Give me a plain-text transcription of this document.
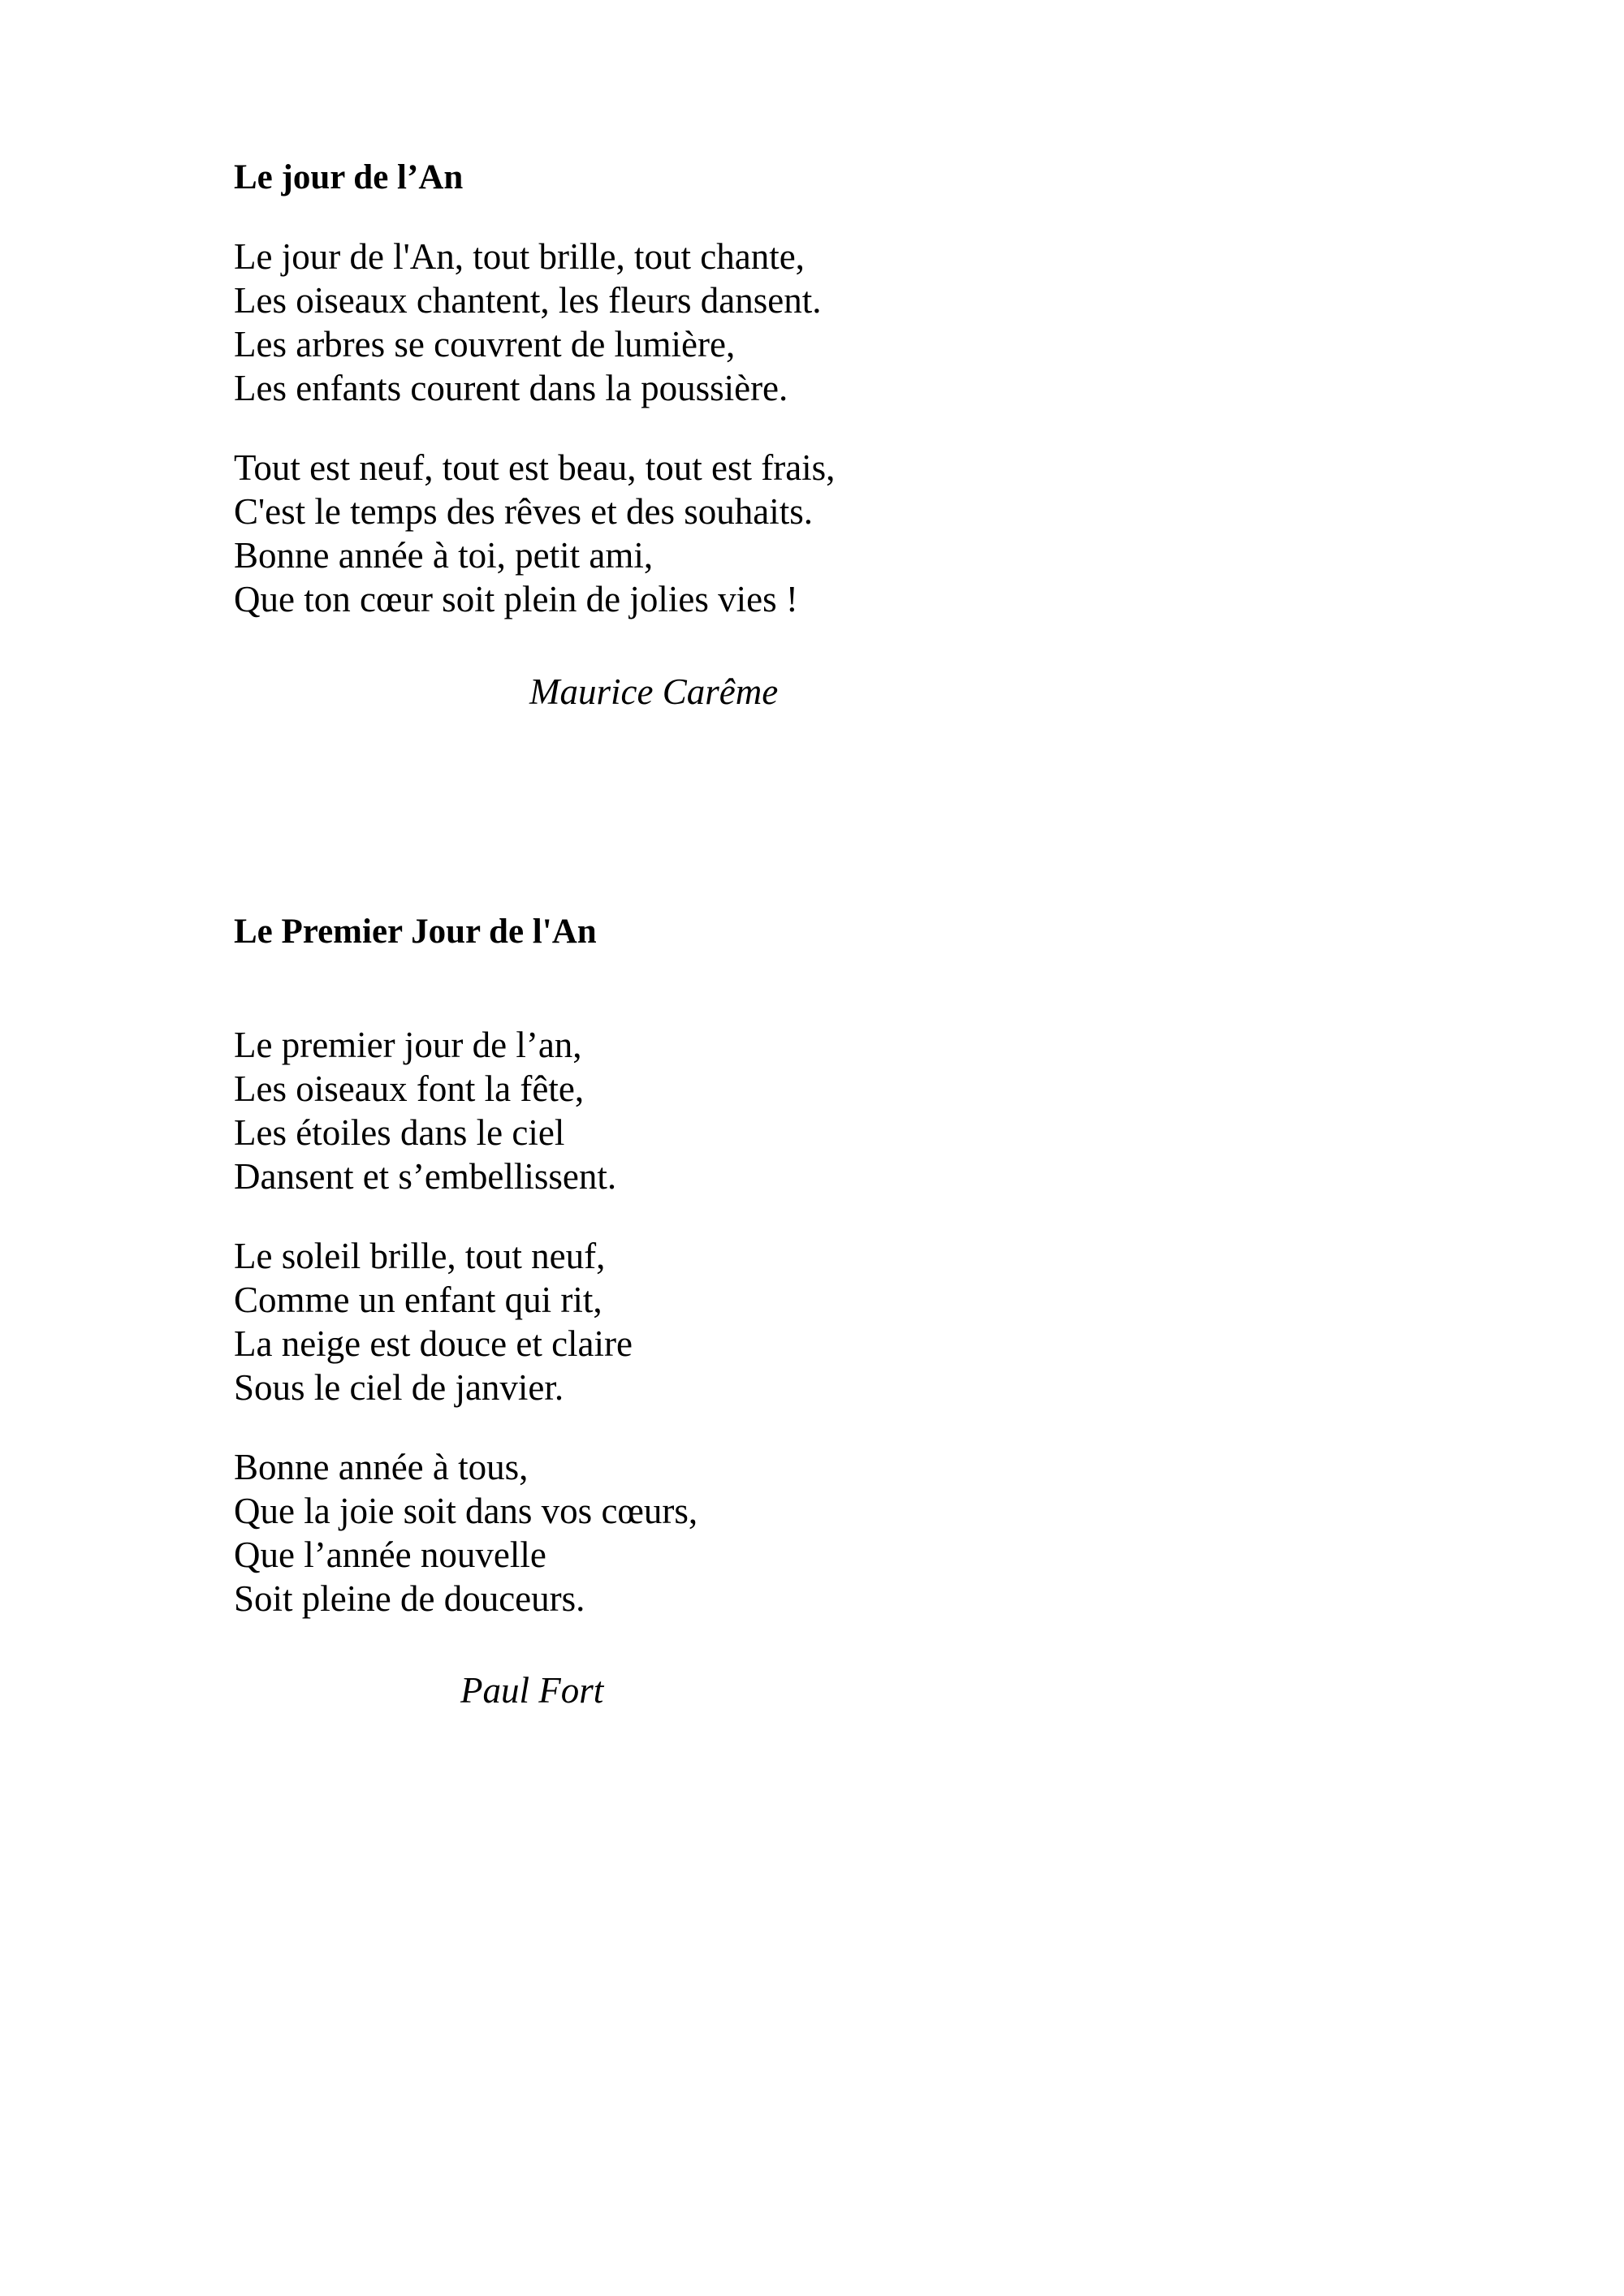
Le jour de l’An

Le jour de l'An, tout brille, tout chante,
Les oiseaux chantent, les fleurs dansent.
Les arbres se couvrent de lumière,
Les enfants courent dans la poussière.

Tout est neuf, tout est beau, tout est frais,
C'est le temps des rêves et des souhaits.
Bonne année à toi, petit ami,
Que ton cœur soit plein de jolies vies !

Maurice Carême
Le Premier Jour de l'An

Le premier jour de l’an,
Les oiseaux font la fête,
Les étoiles dans le ciel
Dansent et s’embellissent.

Le soleil brille, tout neuf,
Comme un enfant qui rit,
La neige est douce et claire
Sous le ciel de janvier.

Bonne année à tous,
Que la joie soit dans vos cœurs,
Que l’année nouvelle
Soit pleine de douceurs.

Paul Fort
